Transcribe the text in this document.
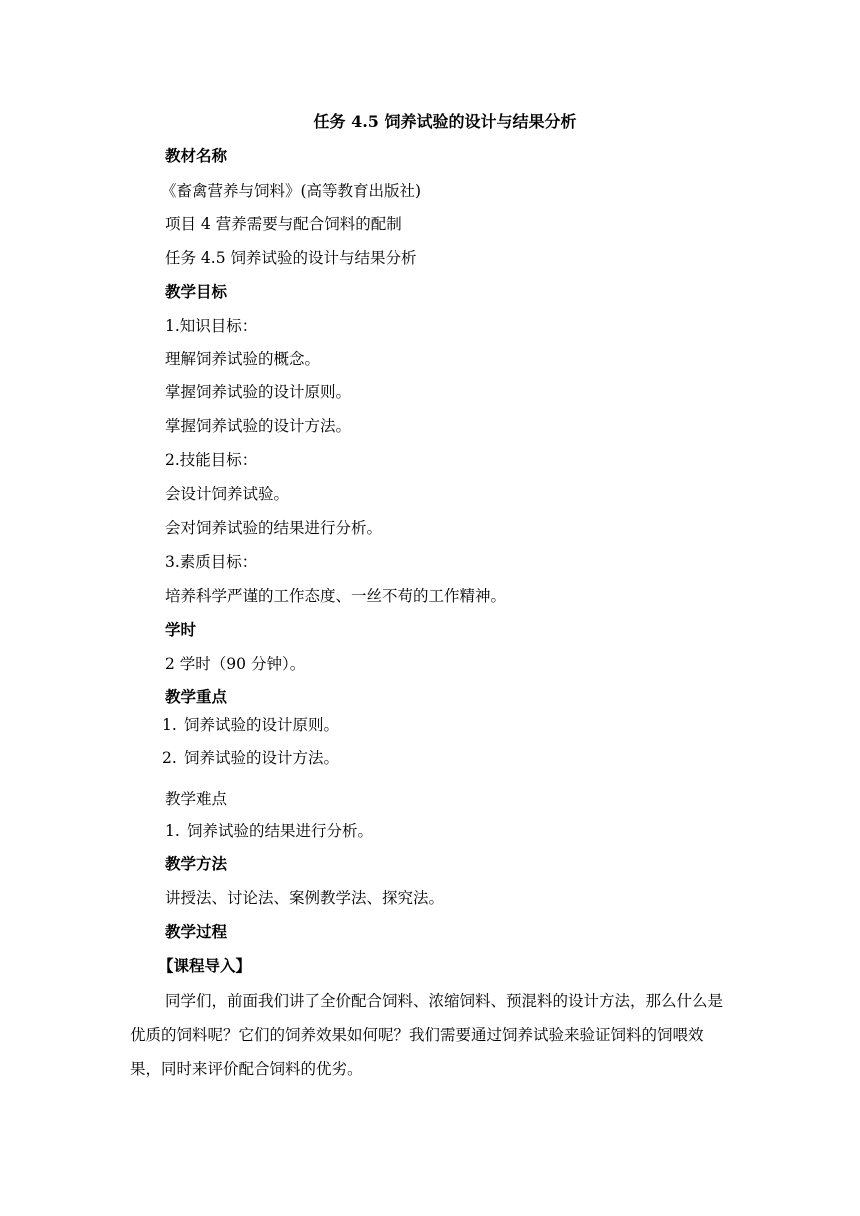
任务 4.5 饲养试验的设计与结果分析
教材名称
《畜禽营养与饲料》(高等教育出版社)
项目 4 营养需要与配合饲料的配制
任务 4.5 饲养试验的设计与结果分析
教学目标
1.知识目标：
理解饲养试验的概念。
掌握饲养试验的设计原则。
掌握饲养试验的设计方法。
2.技能目标：
会设计饲养试验。
会对饲养试验的结果进行分析。
3.素质目标：
培养科学严谨的工作态度、一丝不苟的工作精神。
学时
2 学时（90 分钟）。
教学重点
1. 饲养试验的设计原则。
2. 饲养试验的设计方法。
教学难点
1. 饲养试验的结果进行分析。
教学方法
讲授法、讨论法、案例教学法、探究法。
教学过程
【课程导入】
同学们，前面我们讲了全价配合饲料、浓缩饲料、预混料的设计方法，那么什么是优质的饲料呢？它们的饲养效果如何呢？我们需要通过饲养试验来验证饲料的饲喂效果，同时来评价配合饲料的优劣。
